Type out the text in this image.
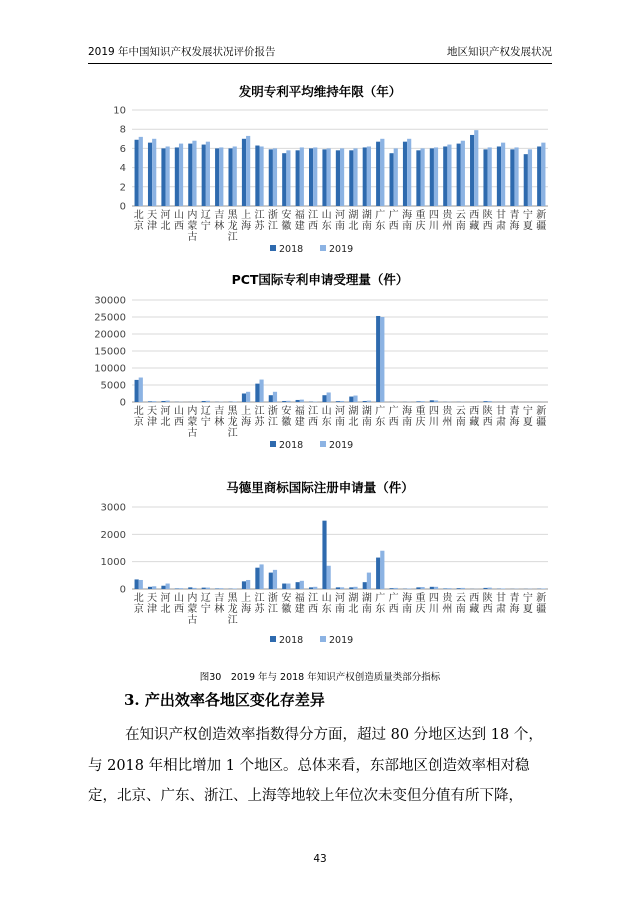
2019 年中国知识产权发展状况评价报告	地区知识产权发展状况
发明专利平均维持年限（年）
0
2
4
6
8
10
北京
天津
河北
山西
内蒙古
辽宁
吉林
黑龙江
上海
江苏
浙江
安徽
福建
江西
山东
河南
湖北
湖南
广东
广西
海南
重庆
四川
贵州
云南
西藏
陕西
甘肃
青海
宁夏
新疆
2018	2019
PCT国际专利申请受理量（件）
0
5000
10000
15000
20000
25000
30000
北京
天津
河北
山西
内蒙古
辽宁
吉林
黑龙江
上海
江苏
浙江
安徽
福建
江西
山东
河南
湖北
湖南
广东
广西
海南
重庆
四川
贵州
云南
西藏
陕西
甘肃
青海
宁夏
新疆
2018	2019
马德里商标国际注册申请量（件）
0
1000
2000
3000
北京
天津
河北
山西
内蒙古
辽宁
吉林
黑龙江
上海
江苏
浙江
安徽
福建
江西
山东
河南
湖北
湖南
广东
广西
海南
重庆
四川
贵州
云南
西藏
陕西
甘肃
青海
宁夏
新疆
2018	2019
图30　2019 年与 2018 年知识产权创造质量类部分指标
3. 产出效率各地区变化存差异

在知识产权创造效率指数得分方面，超过 80 分地区达到 18 个，

与 2018 年相比增加 1 个地区。总体来看，东部地区创造效率相对稳

定，北京、广东、浙江、上海等地较上年位次未变但分值有所下降，

43
